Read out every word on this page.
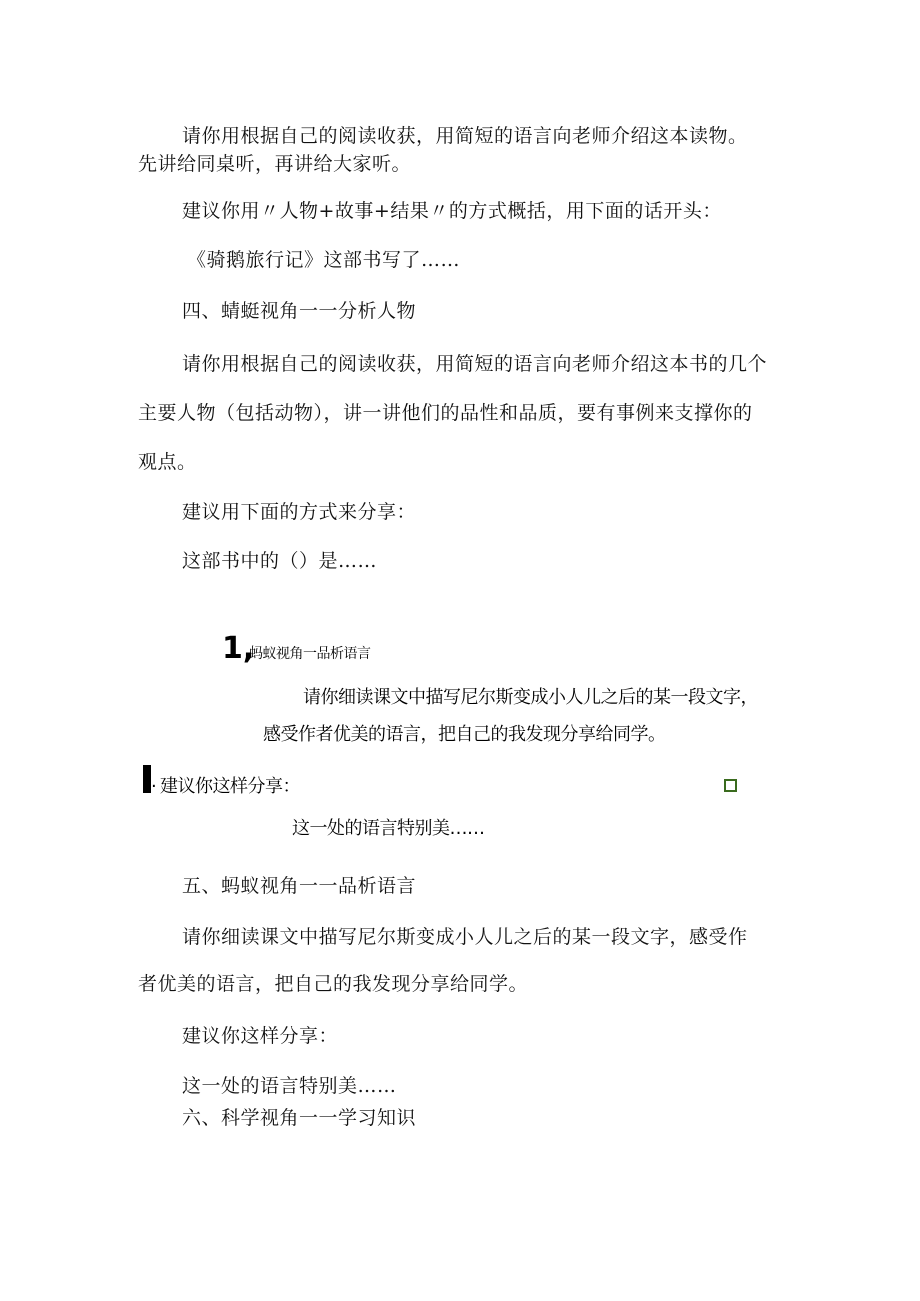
请你用根据自己的阅读收获，用简短的语言向老师介绍这本读物。
先讲给同桌听，再讲给大家听。
建议你用〃人物+故事+结果〃的方式概括，用下面的话开头：
《骑鹅旅行记》这部书写了……
四、蜻蜓视角一一分析人物
请你用根据自己的阅读收获，用简短的语言向老师介绍这本书的几个
主要人物（包括动物），讲一讲他们的品性和品质，要有事例来支撑你的
观点。
建议用下面的方式来分享：
这部书中的（）是……
1,
蚂蚁视角一品析语言
请你细读课文中描写尼尔斯变成小人儿之后的某一段文字，
感受作者优美的语言，把自己的我发现分享给同学。
· 建议你这样分享：
这一处的语言特别美……
五、蚂蚁视角一一品析语言
请你细读课文中描写尼尔斯变成小人儿之后的某一段文字，感受作
者优美的语言，把自己的我发现分享给同学。
建议你这样分享：
这一处的语言特别美……
六、科学视角一一学习知识
